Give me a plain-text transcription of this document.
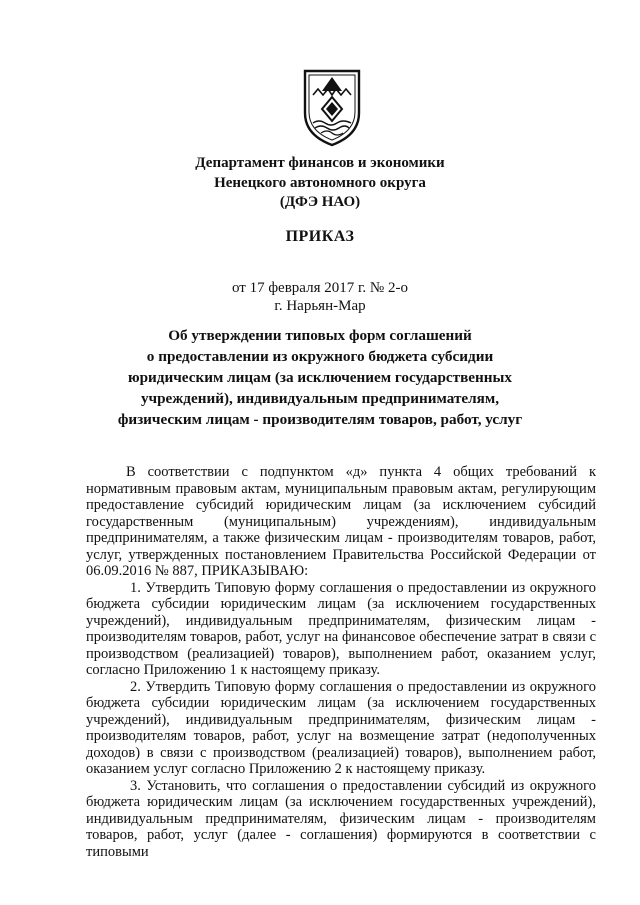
Департамент финансов и экономики
Ненецкого автономного округа
(ДФЭ НАО)
ПРИКАЗ
от 17 февраля 2017 г. № 2-о
г. Нарьян-Мар
Об утверждении типовых форм соглашений
о предоставлении из окружного бюджета субсидии
юридическим лицам (за исключением государственных
учреждений), индивидуальным предпринимателям,
физическим лицам - производителям товаров, работ, услуг

В соответствии с подпунктом «д» пункта 4 общих требований к нормативным правовым актам, муниципальным правовым актам, регулирующим предоставление субсидий юридическим лицам (за исключением субсидий государственным (муниципальным) учреждениям), индивидуальным предпринимателям, а также физическим лицам - производителям товаров, работ, услуг, утвержденных постановлением Правительства Российской Федерации от 06.09.2016 № 887, ПРИКАЗЫВАЮ:

1. Утвердить Типовую форму соглашения о предоставлении из окружного бюджета субсидии юридическим лицам (за исключением государственных учреждений), индивидуальным предпринимателям, физическим лицам - производителям товаров, работ, услуг на финансовое обеспечение затрат в связи с производством (реализацией) товаров), выполнением работ, оказанием услуг, согласно Приложению 1 к настоящему приказу.

2. Утвердить Типовую форму соглашения о предоставлении из окружного бюджета субсидии юридическим лицам (за исключением государственных учреждений), индивидуальным предпринимателям, физическим лицам - производителям товаров, работ, услуг на возмещение затрат (недополученных доходов) в связи с производством (реализацией) товаров), выполнением работ, оказанием услуг согласно Приложению 2 к настоящему приказу.

3. Установить, что соглашения о предоставлении субсидий из окружного бюджета юридическим лицам (за исключением государственных учреждений), индивидуальным предпринимателям, физическим лицам - производителям товаров, работ, услуг (далее - соглашения) формируются в соответствии с типовыми
